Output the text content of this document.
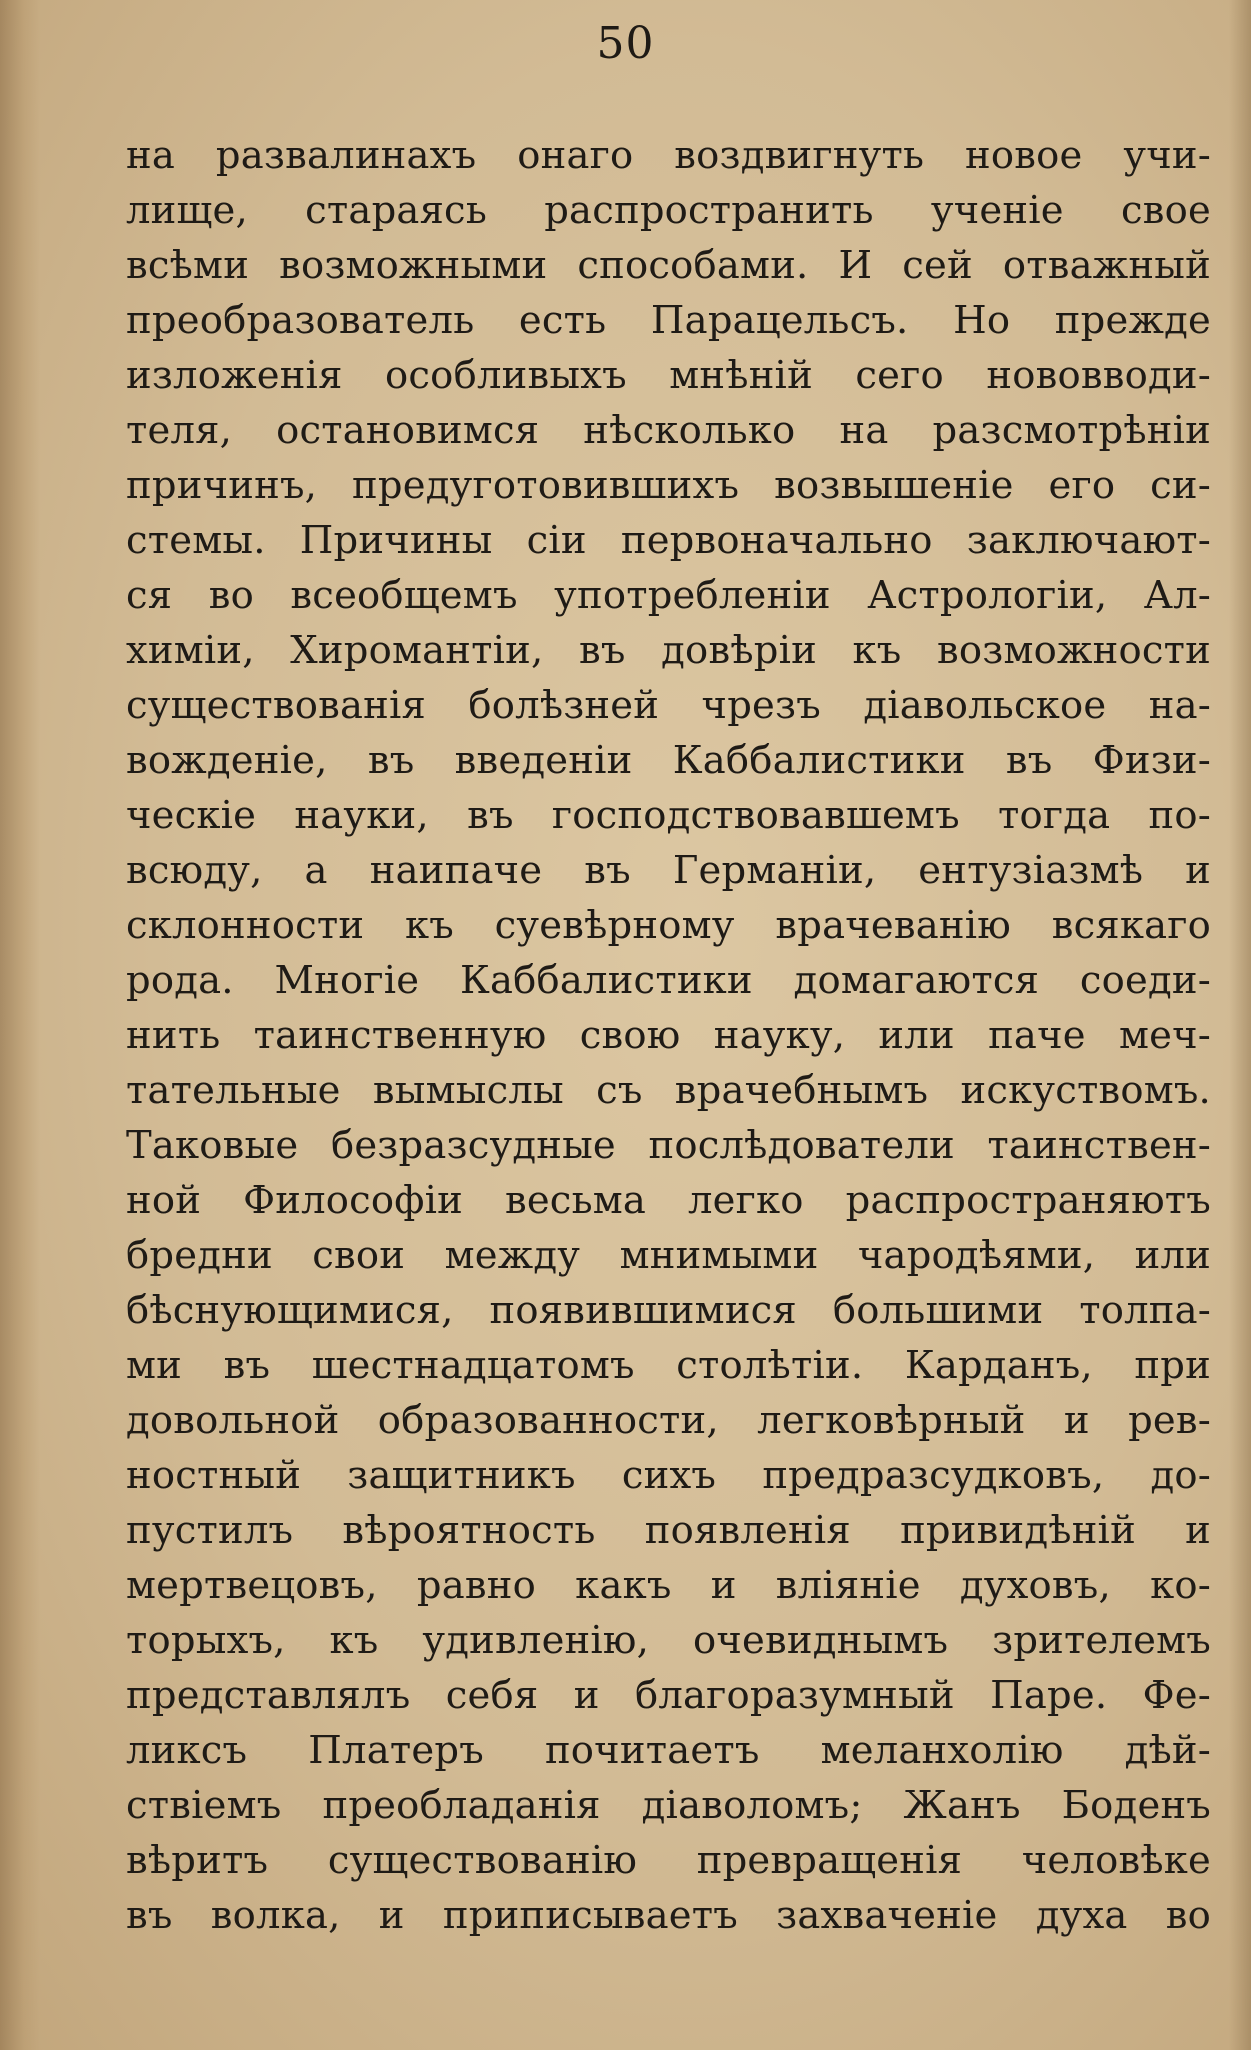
50
на развалинахъ онаго воздвигнуть новое учи-
лище, стараясь распространить ученіе свое
всѣми возможными способами. И сей отважный
преобразователь есть Парацельсъ. Но прежде
изложенія особливыхъ мнѣній сего нововводи-
теля, остановимся нѣсколько на разсмотрѣніи
причинъ, предуготовившихъ возвышеніе его си-
стемы. Причины сіи первоначально заключают-
ся во всеобщемъ употребленіи Астрологіи, Ал-
химіи, Хиромантіи, въ довѣріи къ возможности
существованія болѣзней чрезъ діавольское на-
вожденіе, въ введеніи Каббалистики въ Физи-
ческіе науки, въ господствовавшемъ тогда по-
всюду, а наипаче въ Германіи, ентузіазмѣ и
склонности къ суевѣрному врачеванію всякаго
рода. Многіе Каббалистики домагаются соеди-
нить таинственную свою науку, или паче меч-
тательные вымыслы съ врачебнымъ искуствомъ.
Таковые безразсудные послѣдователи таинствен-
ной Философіи весьма легко распространяютъ
бредни свои между мнимыми чародѣями, или
бѣснующимися, появившимися большими толпа-
ми въ шестнадцатомъ столѣтіи. Карданъ, при
довольной образованности, легковѣрный и рев-
ностный защитникъ сихъ предразсудковъ, до-
пустилъ вѣроятность появленія привидѣній и
мертвецовъ, равно какъ и вліяніе духовъ, ко-
торыхъ, къ удивленію, очевиднымъ зрителемъ
представлялъ себя и благоразумный Паре. Фе-
ликсъ Платеръ почитаетъ меланхолію дѣй-
ствіемъ преобладанія діаволомъ; Жанъ Боденъ
вѣритъ существованію превращенія человѣке
въ волка, и приписываетъ захваченіе духа во
